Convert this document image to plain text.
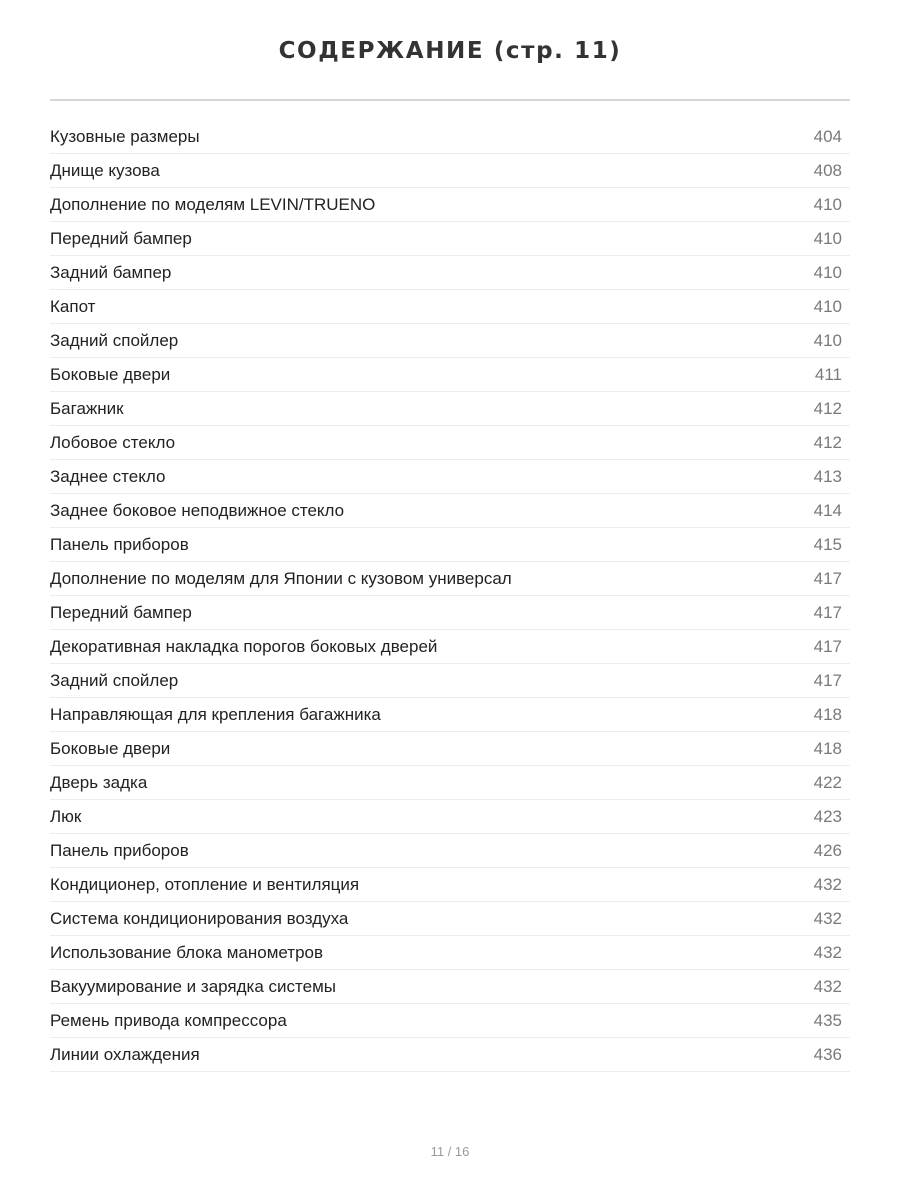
СОДЕРЖАНИЕ (стр. 11)
Кузовные размеры	404
Днище кузова	408
Дополнение по моделям LEVIN/TRUENO	410
Передний бампер	410
Задний бампер	410
Капот	410
Задний спойлер	410
Боковые двери	411
Багажник	412
Лобовое стекло	412
Заднее стекло	413
Заднее боковое неподвижное стекло	414
Панель приборов	415
Дополнение по моделям для Японии с кузовом универсал	417
Передний бампер	417
Декоративная накладка порогов боковых дверей	417
Задний спойлер	417
Направляющая для крепления багажника	418
Боковые двери	418
Дверь задка	422
Люк	423
Панель приборов	426
Кондиционер, отопление и вентиляция	432
Система кондиционирования воздуха	432
Использование блока манометров	432
Вакуумирование и зарядка системы	432
Ремень привода компрессора	435
Линии охлаждения	436
11 / 16
